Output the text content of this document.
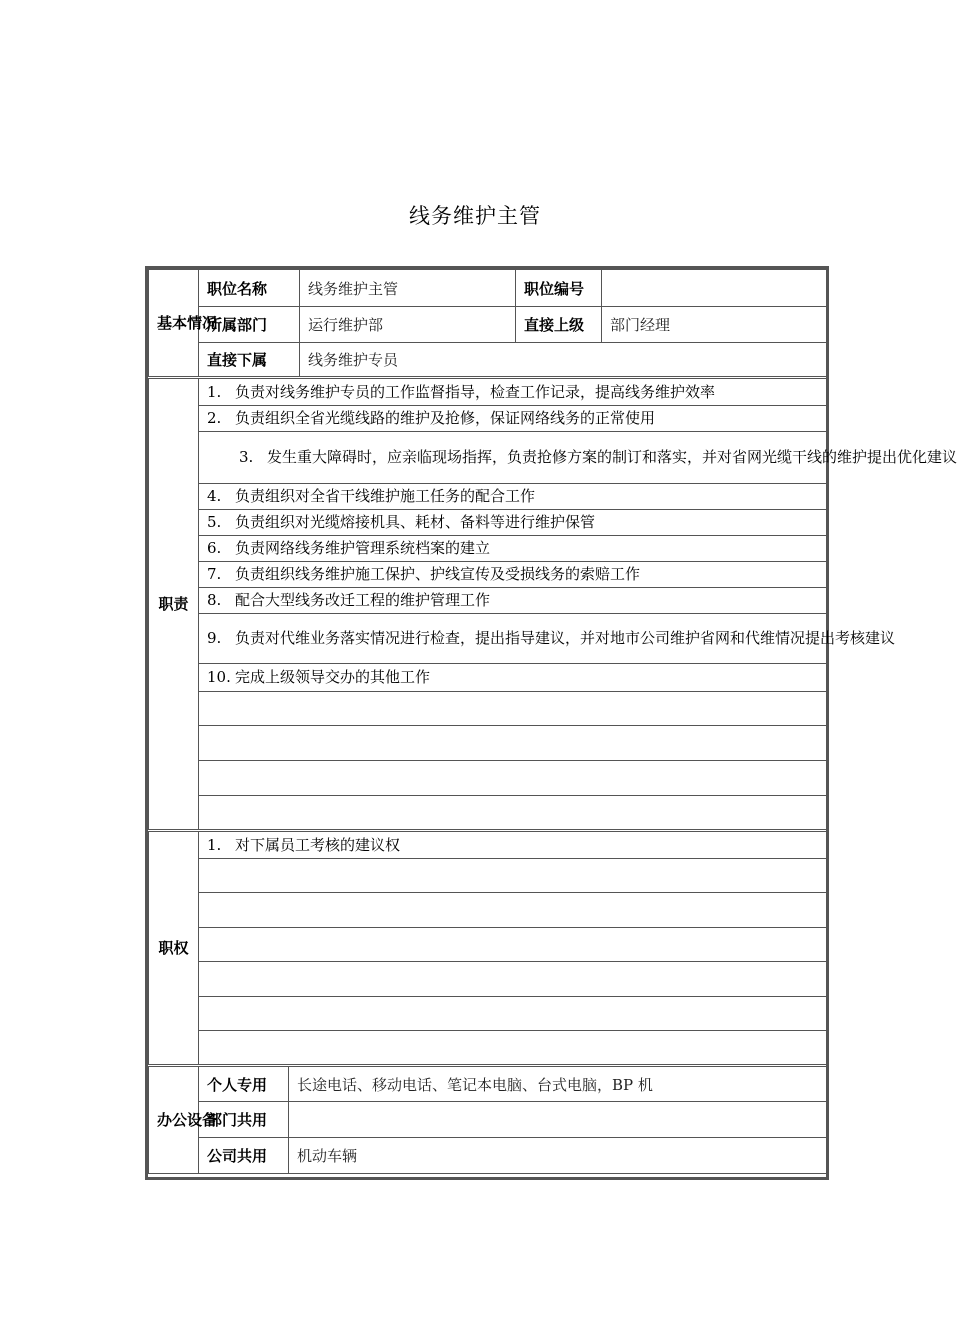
线务维护主管
基本情况	职位名称		线务维护主管	职位编号	
	所属部门		运行维护部	直接上级	部门经理
	直接下属		线务维护专员		
职责	1. 负责对线务维护专员的工作监督指导，检查工作记录，提高线务维护效率				
	2. 负责组织全省光缆线路的维护及抢修，保证网络线务的正常使用				
	3. 发生重大障碍时，应亲临现场指挥，负责抢修方案的制订和落实，并对省网光缆干线的维护提出优化建议				
	4. 负责组织对全省干线维护施工任务的配合工作				
	5. 负责组织对光缆熔接机具、耗材、备料等进行维护保管				
	6. 负责网络线务维护管理系统档案的建立				
	7. 负责组织线务维护施工保护、护线宣传及受损线务的索赔工作				
	8. 配合大型线务改迁工程的维护管理工作				
	9. 负责对代维业务落实情况进行检查，提出指导建议，并对地市公司维护省网和代维情况提出考核建议				
	10. 完成上级领导交办的其他工作				

职权	1. 对下属员工考核的建议权				

办公设备	个人专用	长途电话、移动电话、笔记本电脑、台式电脑，BP 机			
	部门共用				
	公司共用	机动车辆			
